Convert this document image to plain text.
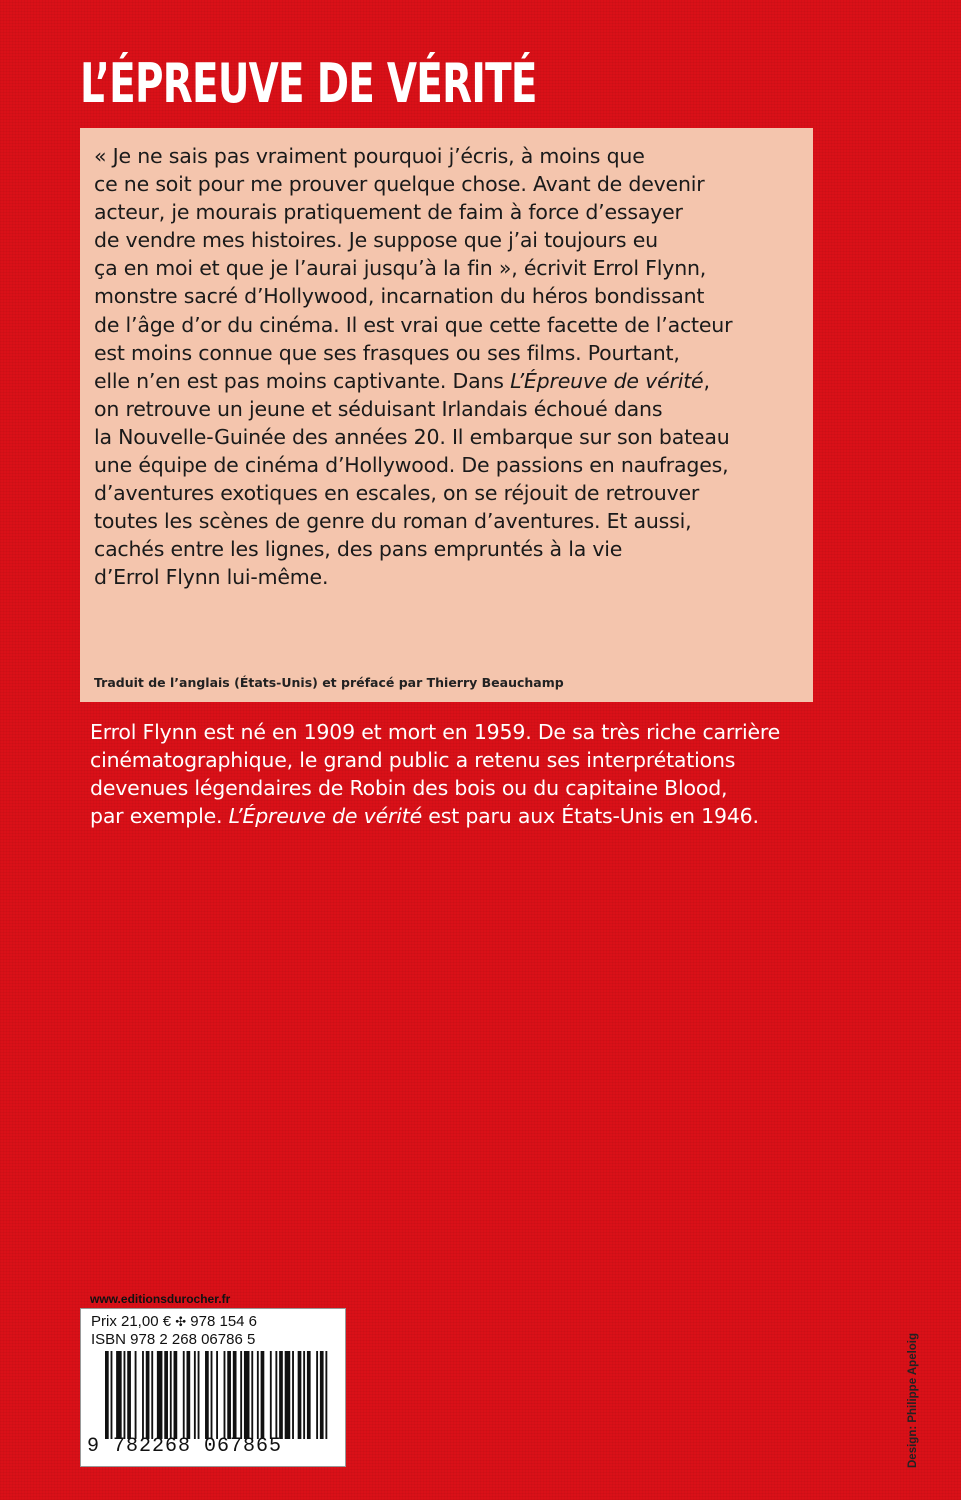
L’ÉPREUVE DE VÉRITÉ
« Je ne sais pas vraiment pourquoi j’écris, à moins que
ce ne soit pour me prouver quelque chose. Avant de devenir
acteur, je mourais pratiquement de faim à force d’essayer
de vendre mes histoires. Je suppose que j’ai toujours eu
ça en moi et que je l’aurai jusqu’à la fin », écrivit Errol Flynn,
monstre sacré d’Hollywood, incarnation du héros bondissant
de l’âge d’or du cinéma. Il est vrai que cette facette de l’acteur
est moins connue que ses frasques ou ses films. Pourtant,
elle n’en est pas moins captivante. Dans L’Épreuve de vérité,
on retrouve un jeune et séduisant Irlandais échoué dans
la Nouvelle-Guinée des années 20. Il embarque sur son bateau
une équipe de cinéma d’Hollywood. De passions en naufrages,
d’aventures exotiques en escales, on se réjouit de retrouver
toutes les scènes de genre du roman d’aventures. Et aussi,
cachés entre les lignes, des pans empruntés à la vie
d’Errol Flynn lui-même.
Traduit de l’anglais (États-Unis) et préfacé par Thierry Beauchamp
Errol Flynn est né en 1909 et mort en 1959. De sa très riche carrière
cinématographique, le grand public a retenu ses interprétations
devenues légendaires de Robin des bois ou du capitaine Blood,
par exemple. L’Épreuve de vérité est paru aux États-Unis en 1946.
www.editionsdurocher.fr
Prix 21,00 € ✣ 978 154 6
ISBN 978 2 268 06786 5
9 782268 067865	Design: Philippe Apeloig
